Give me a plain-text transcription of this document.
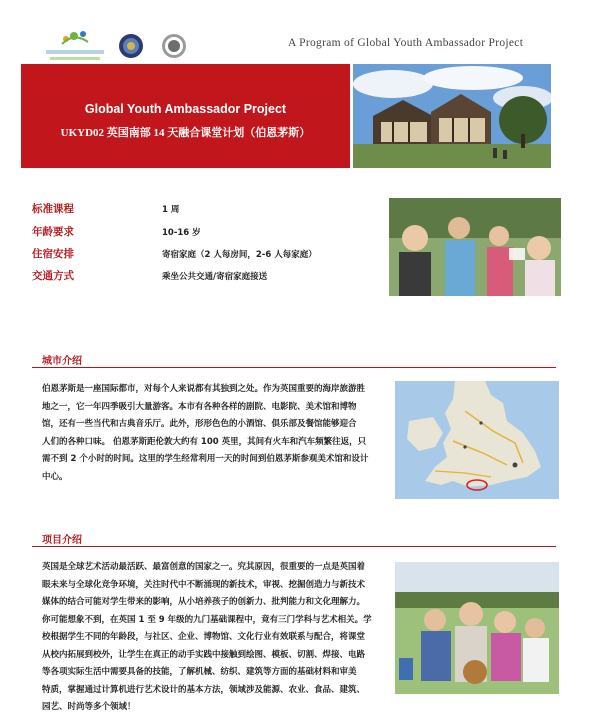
A Program of Global Youth Ambassador Project
Global Youth Ambassador Project
UKYD02 英国南部 14 天融合课堂计划（伯恩茅斯）
标准课程	1 周
年龄要求	10-16 岁
住宿安排	寄宿家庭（2 人每房间，2-6 人每家庭）
交通方式	乘坐公共交通/寄宿家庭接送
城市介绍
伯恩茅斯是一座国际都市，对每个人来说都有其独到之处。作为英国重要的海岸旅游胜
地之一，它一年四季吸引大量游客。本市有各种各样的剧院、电影院、美术馆和博物
馆，还有一些当代和古典音乐厅。此外，形形色色的小酒馆、俱乐部及餐馆能够迎合
人们的各种口味。 伯恩茅斯距伦敦大约有 100 英里，其间有火车和汽车频繁往返，只
需不到 2 个小时的时间。这里的学生经常利用一天的时间到伯恩茅斯参观美术馆和设计
中心。
项目介绍
英国是全球艺术活动最活跃、最富创意的国家之一。究其原因，很重要的一点是英国着
眼未来与全球化竞争环境，关注时代中不断涌现的新技术，审视、挖掘创造力与新技术
媒体的结合可能对学生带来的影响，从小培养孩子的创新力、批判能力和文化理解力。
你可能想象不到，在英国 1 至 9 年级的九门基础课程中，竟有三门学科与艺术相关。学
校根据学生不同的年龄段，与社区、企业、博物馆、文化行业有效联系与配合，将课堂
从校内拓展到校外，让学生在真正的动手实践中接触到绘图、模板、切割、焊接、电路
等各项实际生活中需要具备的技能，了解机械、纺织、建筑等方面的基础材料和审美
特质，掌握通过计算机进行艺术设计的基本方法，领域涉及能源、农业、食品、建筑、
园艺、时尚等多个领域！
